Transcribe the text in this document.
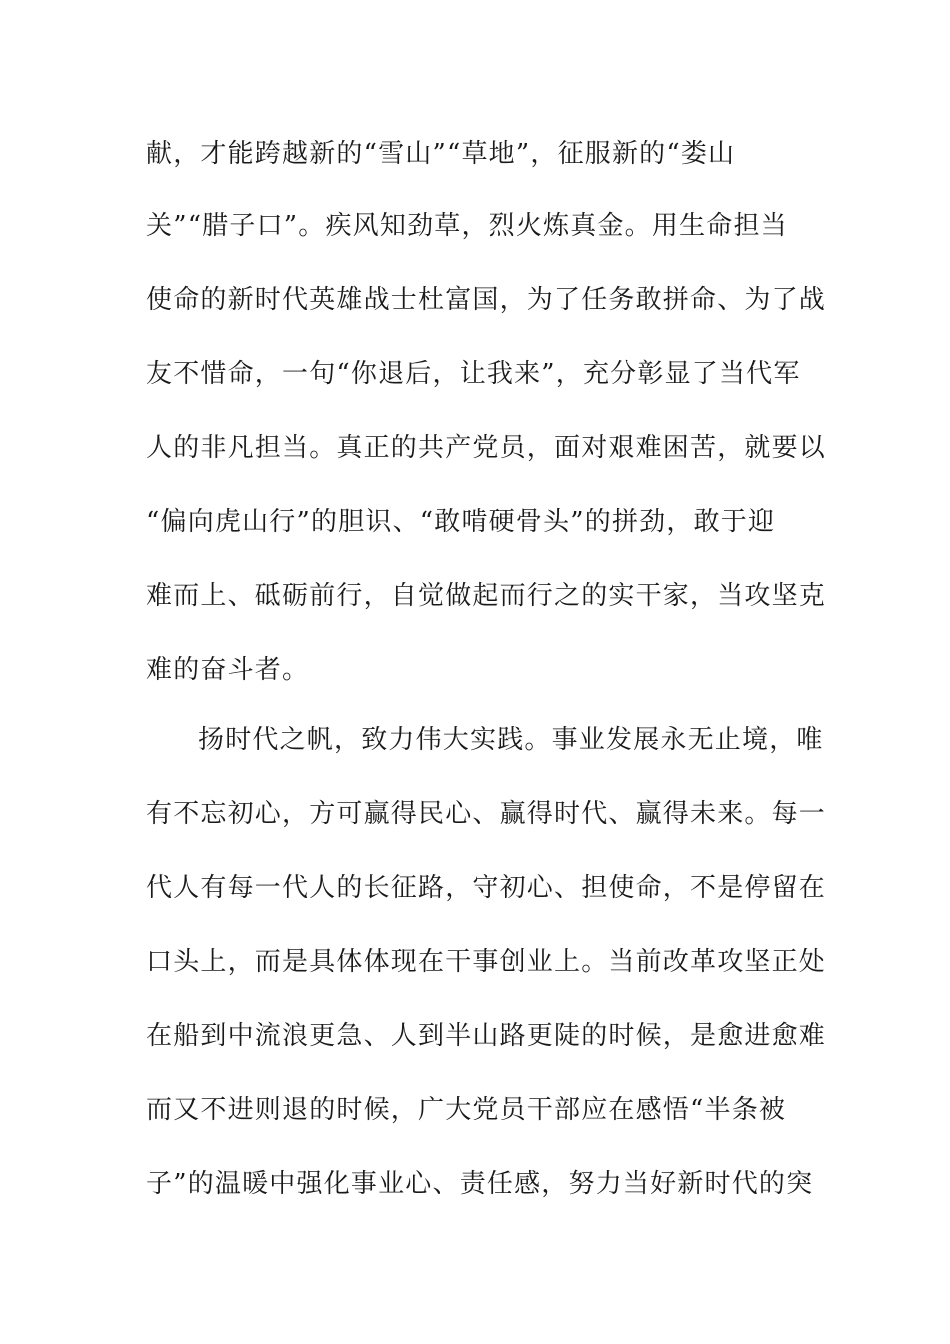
献，才能跨越新的“雪山”“草地”，征服新的“娄山
关”“腊子口”。疾风知劲草，烈火炼真金。用生命担当
使命的新时代英雄战士杜富国，为了任务敢拼命、为了战
友不惜命，一句“你退后，让我来”，充分彰显了当代军
人的非凡担当。真正的共产党员，面对艰难困苦，就要以
“偏向虎山行”的胆识、“敢啃硬骨头”的拼劲，敢于迎
难而上、砥砺前行，自觉做起而行之的实干家，当攻坚克
难的奋斗者。
扬时代之帆，致力伟大实践。事业发展永无止境，唯
有不忘初心，方可赢得民心、赢得时代、赢得未来。每一
代人有每一代人的长征路，守初心、担使命，不是停留在
口头上，而是具体体现在干事创业上。当前改革攻坚正处
在船到中流浪更急、人到半山路更陡的时候，是愈进愈难
而又不进则退的时候，广大党员干部应在感悟“半条被
子”的温暖中强化事业心、责任感，努力当好新时代的突
